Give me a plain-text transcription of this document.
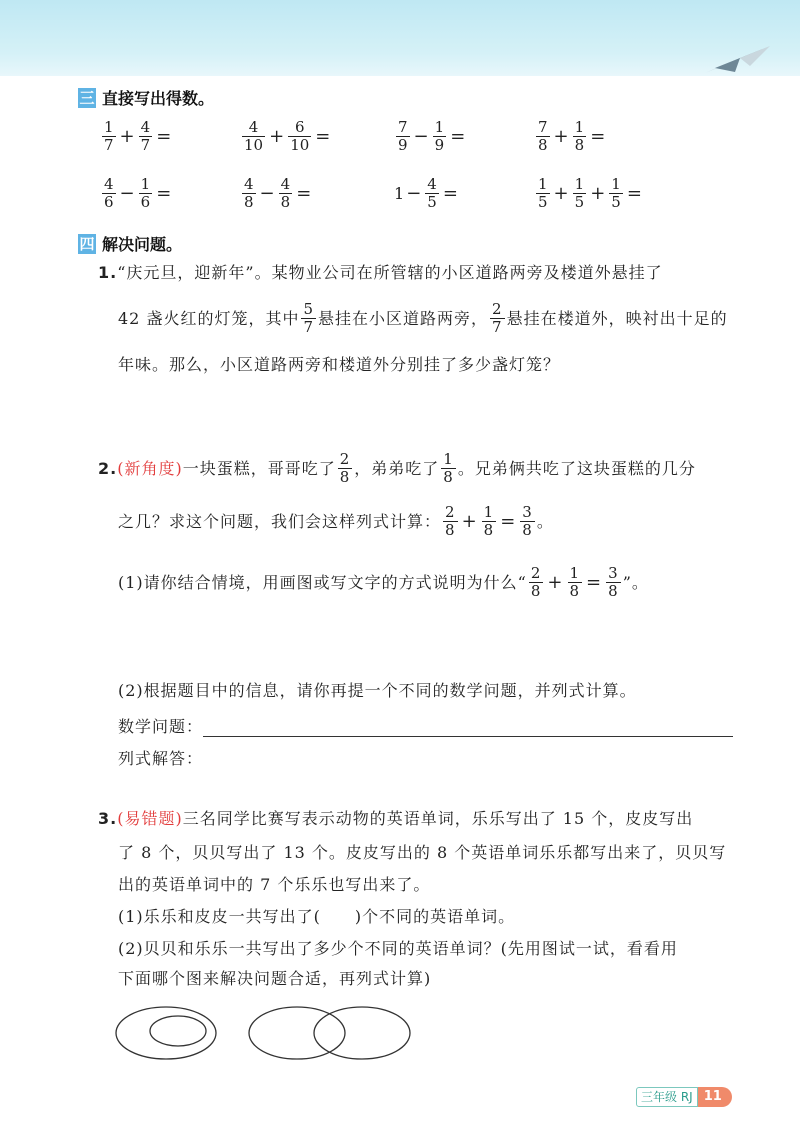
三 直接写出得数。
$\frac{1}{7} + \frac{4}{7}$ =	$\frac{4}{10} + \frac{6}{10}$ =	$\frac{7}{9} - \frac{1}{9}$ =	$\frac{7}{8} + \frac{1}{8}$ =
$\frac{4}{6} - \frac{1}{6}$ =	$\frac{4}{8} - \frac{4}{8}$ =	$1 - \frac{4}{5}$ =	$\frac{1}{5} + \frac{1}{5} + \frac{1}{5}$ =
四 解决问题。
1.“庆元旦，迎新年”。某物业公司在所管辖的小区道路两旁及楼道外悬挂了
42 盏火红的灯笼，其中 $\frac{5}{7}$ 悬挂在小区道路两旁， $\frac{2}{7}$ 悬挂在楼道外，映衬出十足的
年味。那么，小区道路两旁和楼道外分别挂了多少盏灯笼？
2. (新角度) 一块蛋糕，哥哥吃了 $\frac{2}{8}$ ，弟弟吃了 $\frac{1}{8}$ 。兄弟俩共吃了这块蛋糕的几分
之几？求这个问题，我们会这样列式计算： $\frac{2}{8} + \frac{1}{8} = \frac{3}{8}$ 。
(1)请你结合情境，用画图或写文字的方式说明为什么“ $\frac{2}{8} + \frac{1}{8} = \frac{3}{8}$ ”。
(2)根据题目中的信息，请你再提一个不同的数学问题，并列式计算。
数学问题：
列式解答：
3. (易错题) 三名同学比赛写表示动物的英语单词，乐乐写出了 15 个，皮皮写出
了 8 个，贝贝写出了 13 个。皮皮写出的 8 个英语单词乐乐都写出来了，贝贝写
出的英语单词中的 7 个乐乐也写出来了。
(1)乐乐和皮皮一共写出了(　　)个不同的英语单词。
(2)贝贝和乐乐一共写出了多少个不同的英语单词？(先用图试一试，看看用
下面哪个图来解决问题合适，再列式计算)
三年级 RJ 11
